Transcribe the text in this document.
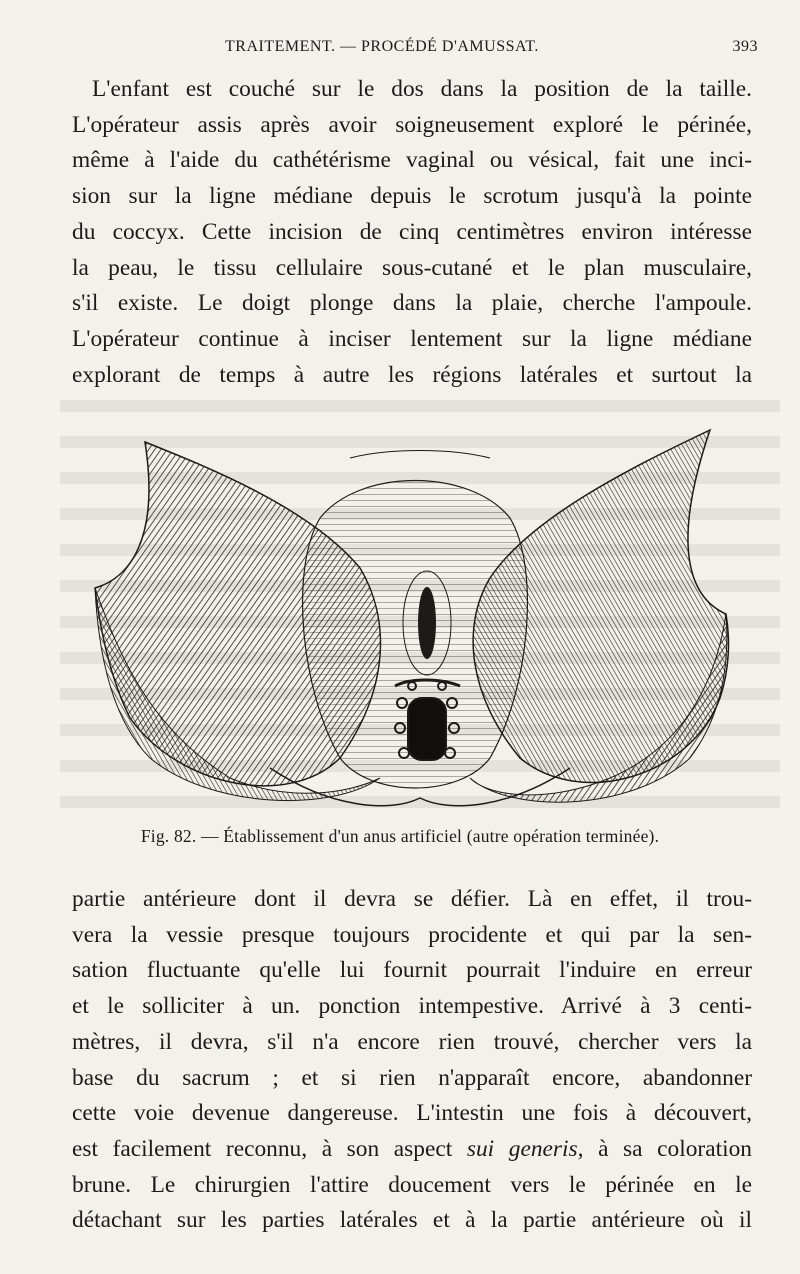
TRAITEMENT. — PROCÉDÉ D'AMUSSAT.	393
L'enfant est couché sur le dos dans la position de la taille.
L'opérateur assis après avoir soigneusement exploré le périnée,
même à l'aide du cathétérisme vaginal ou vésical, fait une inci-
sion sur la ligne médiane depuis le scrotum jusqu'à la pointe
du coccyx. Cette incision de cinq centimètres environ intéresse
la peau, le tissu cellulaire sous-cutané et le plan musculaire,
s'il existe. Le doigt plonge dans la plaie, cherche l'ampoule.
L'opérateur continue à inciser lentement sur la ligne médiane
explorant de temps à autre les régions latérales et surtout la
Fig. 82. — Établissement d'un anus artificiel (autre opération terminée).
partie antérieure dont il devra se défier. Là en effet, il trou-
vera la vessie presque toujours procidente et qui par la sen-
sation fluctuante qu'elle lui fournit pourrait l'induire en erreur
et le solliciter à un. ponction intempestive. Arrivé à 3 centi-
mètres, il devra, s'il n'a encore rien trouvé, chercher vers la
base du sacrum ; et si rien n'apparaît encore, abandonner
cette voie devenue dangereuse. L'intestin une fois à découvert,
est facilement reconnu, à son aspect sui generis, à sa coloration
brune. Le chirurgien l'attire doucement vers le périnée en le
détachant sur les parties latérales et à la partie antérieure où il
